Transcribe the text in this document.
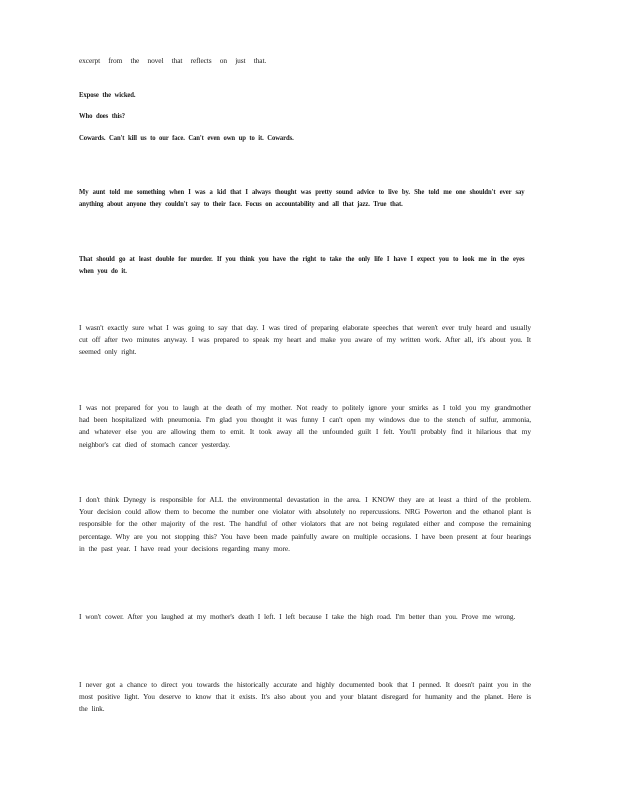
excerpt from the novel that reflects on just that.

Expose the wicked.

Who does this?

Cowards. Can't kill us to our face. Can't even own up to it. Cowards.

My aunt told me something when I was a kid that I always thought was pretty sound advice to live by. She told me one shouldn't ever say anything about anyone they couldn't say to their face. Focus on accountability and all that jazz. True that.

That should go at least double for murder. If you think you have the right to take the only life I have I expect you to look me in the eyes when you do it.

I wasn't exactly sure what I was going to say that day. I was tired of preparing elaborate speeches that weren't ever truly heard and usually cut off after two minutes anyway. I was prepared to speak my heart and make you aware of my written work. After all, it's about you. It seemed only right.

I was not prepared for you to laugh at the death of my mother. Not ready to politely ignore your smirks as I told you my grandmother had been hospitalized with pneumonia. I'm glad you thought it was funny I can't open my windows due to the stench of sulfur, ammonia, and whatever else you are allowing them to emit. It took away all the unfounded guilt I felt. You'll probably find it hilarious that my neighbor's cat died of stomach cancer yesterday.

I don't think Dynegy is responsible for ALL the environmental devastation in the area. I KNOW they are at least a third of the problem. Your decision could allow them to become the number one violator with absolutely no repercussions. NRG Powerton and the ethanol plant is responsible for the other majority of the rest. The handful of other violators that are not being regulated either and compose the remaining percentage. Why are you not stopping this? You have been made painfully aware on multiple occasions. I have been present at four hearings in the past year. I have read your decisions regarding many more.

I won't cower. After you laughed at my mother's death I left. I left because I take the high road. I'm better than you. Prove me wrong.

I never got a chance to direct you towards the historically accurate and highly documented book that I penned. It doesn't paint you in the most positive light. You deserve to know that it exists. It's also about you and your blatant disregard for humanity and the planet. Here is the link.
